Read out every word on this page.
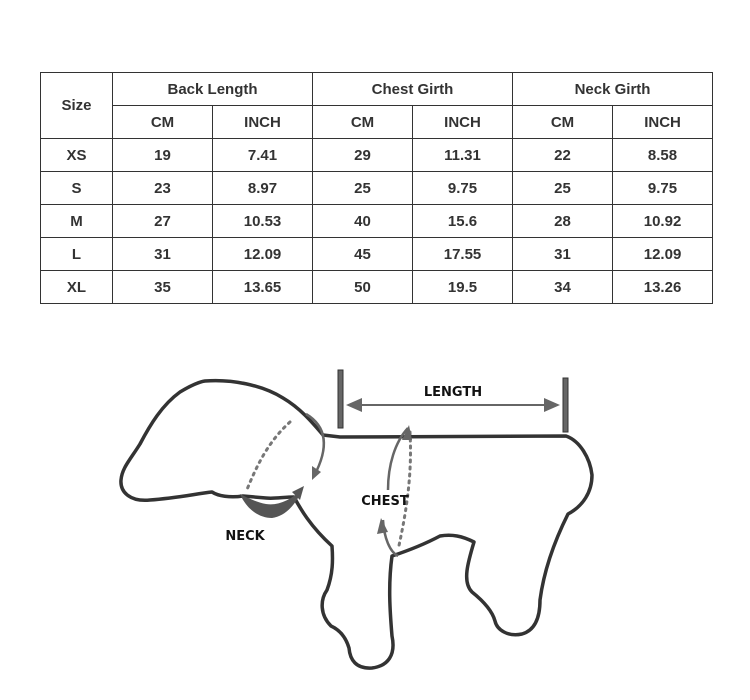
Size	Back Length		Chest Girth		Neck Girth	
	CM	INCH	CM	INCH	CM	INCH
XS	19	7.41	29	11.31	22	8.58
S	23	8.97	25	9.75	25	9.75
M	27	10.53	40	15.6	28	10.92
L	31	12.09	45	17.55	31	12.09
XL	35	13.65	50	19.5	34	13.26
LENGTH
CHEST
NECK
